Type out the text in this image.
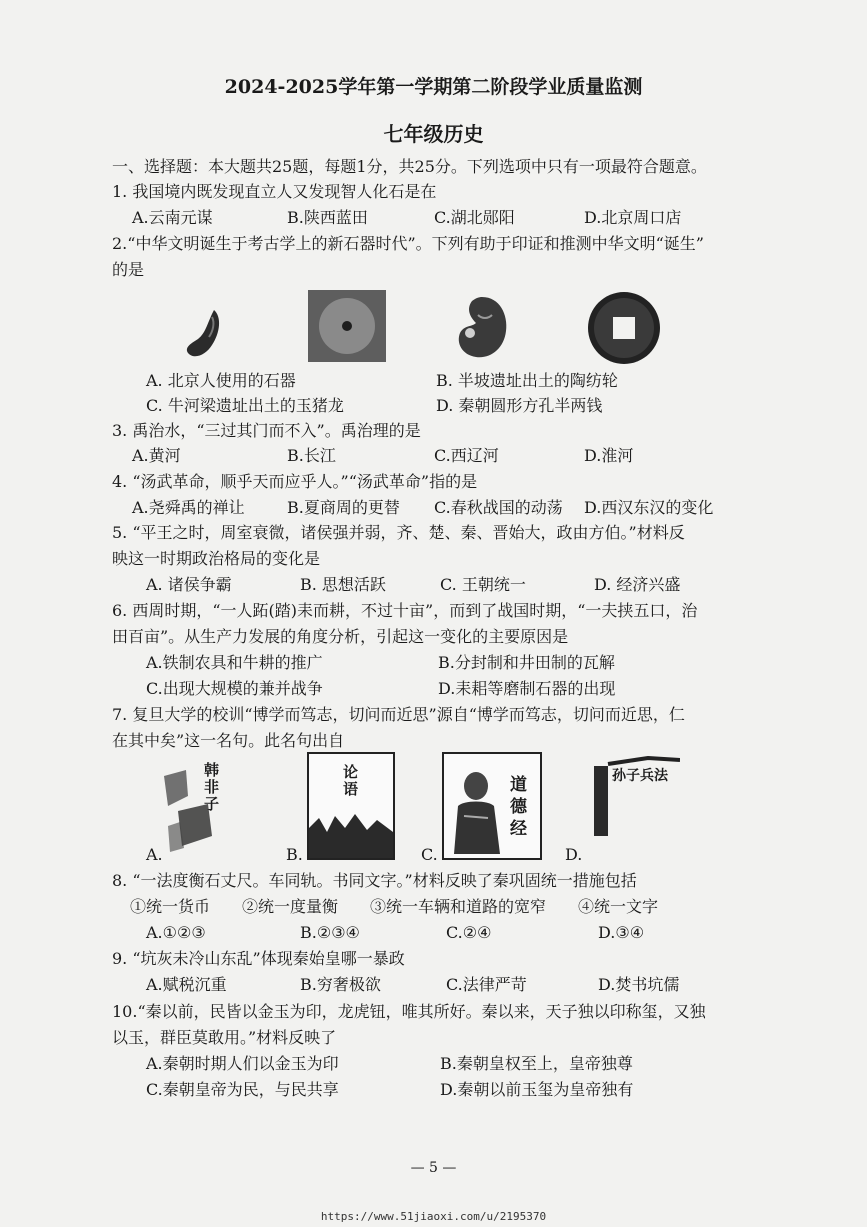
2024-2025学年第一学期第二阶段学业质量监测
七年级历史
一、选择题：本大题共25题，每题1分，共25分。下列选项中只有一项最符合题意。
1. 我国境内既发现直立人又发现智人化石是在
A.云南元谋	B.陕西蓝田	C.湖北郧阳	D.北京周口店
2.“中华文明诞生于考古学上的新石器时代”。下列有助于印证和推测中华文明“诞生”
的是
A. 北京人使用的石器	B. 半坡遗址出土的陶纺轮
C. 牛河梁遗址出土的玉猪龙	D. 秦朝圆形方孔半两钱
3. 禹治水，“三过其门而不入”。禹治理的是
A.黄河	B.长江	C.西辽河	D.淮河
4. “汤武革命，顺乎天而应乎人。”“汤武革命”指的是
A.尧舜禹的禅让	B.夏商周的更替 C.春秋战国的动荡 D.西汉东汉的变化
5. “平王之时，周室衰微，诸侯强并弱，齐、楚、秦、晋始大，政由方伯。”材料反
映这一时期政治格局的变化是
A. 诸侯争霸	B. 思想活跃	C. 王朝统一	D. 经济兴盛
6. 西周时期，“一人跖(踏)耒而耕，不过十亩”，而到了战国时期，“一夫挟五口，治
田百亩”。从生产力发展的角度分析，引起这一变化的主要原因是
A.铁制农具和牛耕的推广	B.分封制和井田制的瓦解
C.出现大规模的兼并战争	D.耒耜等磨制石器的出现
7. 复旦大学的校训“博学而笃志，切问而近思”源自“博学而笃志，切问而近思，仁
在其中矣”这一名句。此名句出自
韩非子
论语	道德经
孙子兵法
A.	B.	C.	D.
8. “一法度衡石丈尺。车同轨。书同文字。”材料反映了秦巩固统一措施包括
①统一货币　　②统一度量衡　　③统一车辆和道路的宽窄　　④统一文字
A.①②③	B.②③④	C.②④	D.③④
9. “坑灰未冷山东乱”体现秦始皇哪一暴政
A.赋税沉重	B.穷奢极欲	C.法律严苛	D.焚书坑儒
10.“秦以前，民皆以金玉为印，龙虎钮，唯其所好。秦以来，天子独以印称玺，又独
以玉，群臣莫敢用。”材料反映了
A.秦朝时期人们以金玉为印	B.秦朝皇权至上，皇帝独尊
C.秦朝皇帝为民，与民共享	D.秦朝以前玉玺为皇帝独有
— 5 —
https://www.51jiaoxi.com/u/2195370
